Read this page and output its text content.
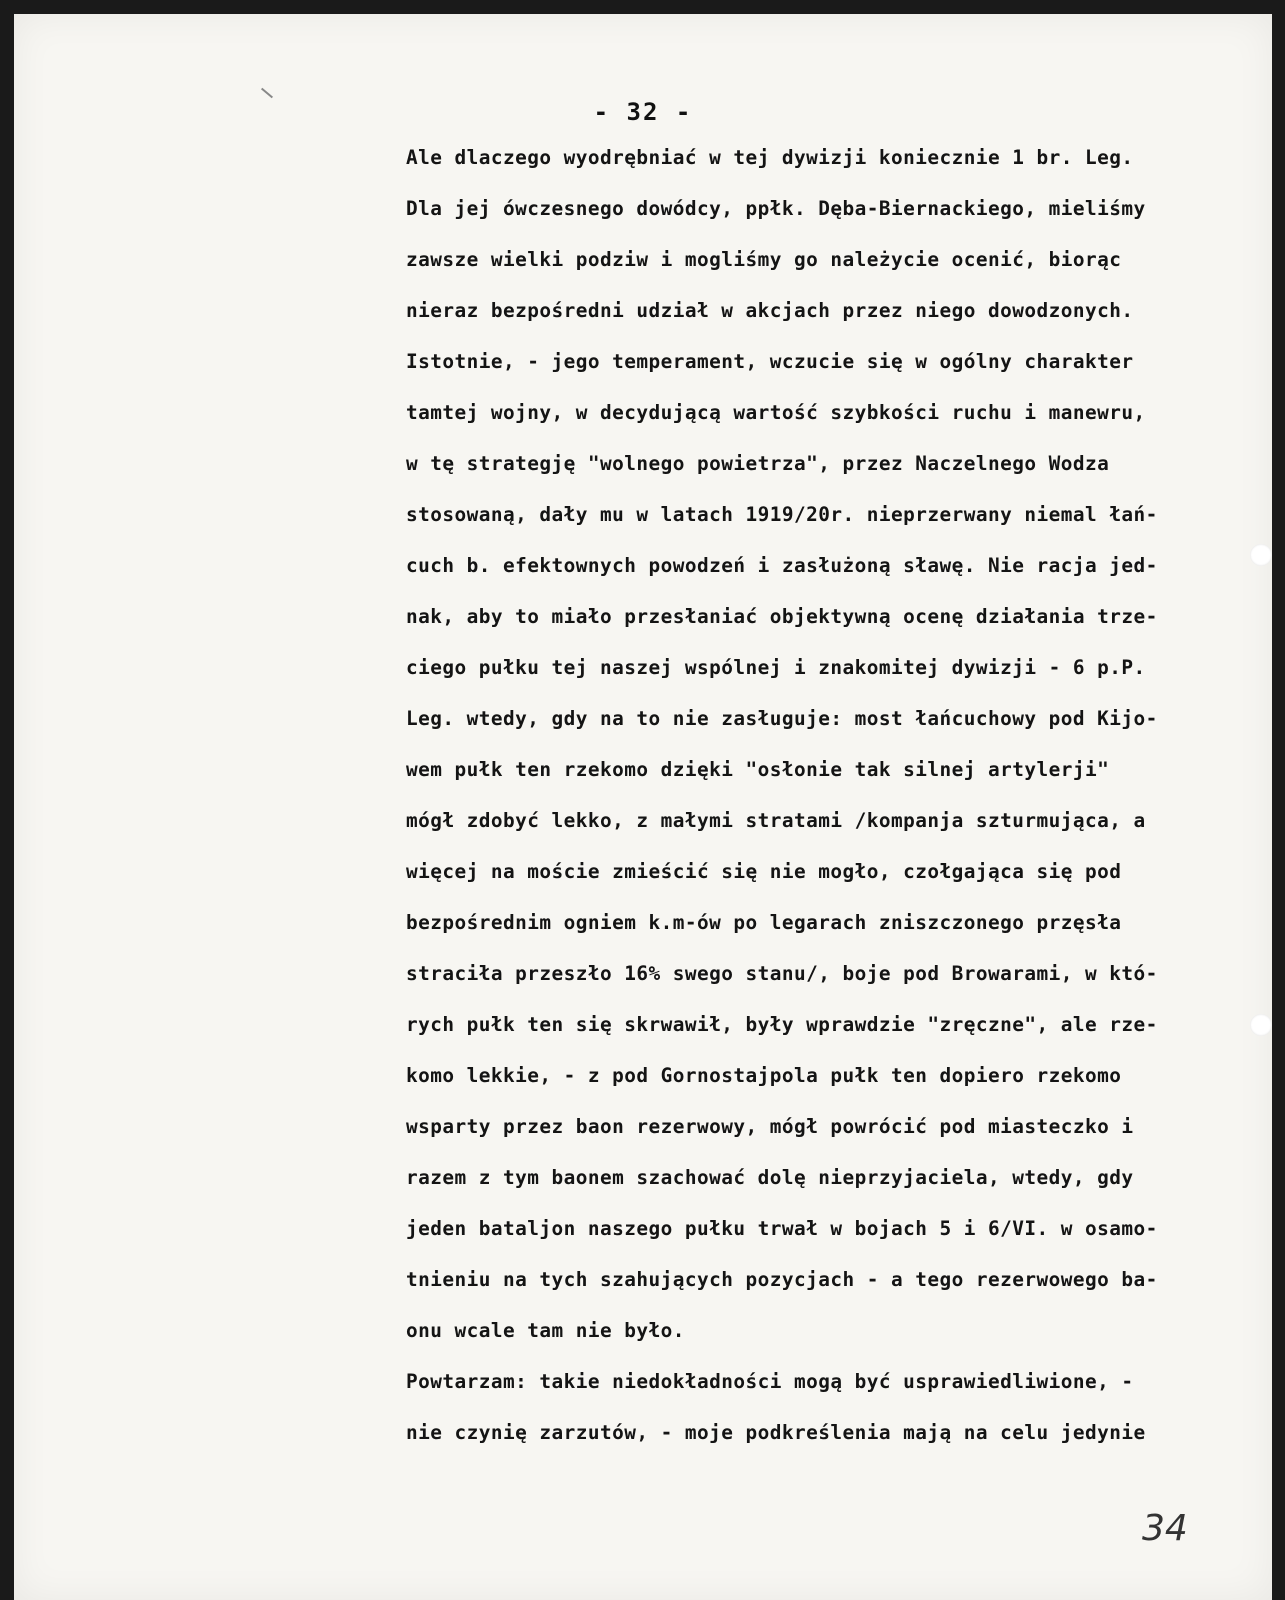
- 32 -
Ale dlaczego wyodrębniać w tej dywizji koniecznie 1 br. Leg.
Dla jej ówczesnego dowódcy, ppłk. Dęba-Biernackiego, mieliśmy
zawsze wielki podziw i mogliśmy go należycie ocenić, biorąc
nieraz bezpośredni udział w akcjach przez niego dowodzonych.
Istotnie, - jego temperament, wczucie się w ogólny charakter
tamtej wojny, w decydującą wartość szybkości ruchu i manewru,
w tę strategję "wolnego powietrza", przez Naczelnego Wodza
stosowaną, dały mu w latach 1919/20r. nieprzerwany niemal łań-
cuch b. efektownych powodzeń i zasłużoną sławę. Nie racja jed-
nak, aby to miało przesłaniać objektywną ocenę działania trze-
ciego pułku tej naszej wspólnej i znakomitej dywizji - 6 p.P.
Leg. wtedy, gdy na to nie zasługuje: most łańcuchowy pod Kijo-
wem pułk ten rzekomo dzięki "osłonie tak silnej artylerji"
mógł zdobyć lekko, z małymi stratami /kompanja szturmująca, a
więcej na moście zmieścić się nie mogło, czołgająca się pod
bezpośrednim ogniem k.m-ów po legarach zniszczonego przęsła
straciła przeszło 16% swego stanu/, boje pod Browarami, w któ-
rych pułk ten się skrwawił, były wprawdzie "zręczne", ale rze-
komo lekkie, - z pod Gornostajpola pułk ten dopiero rzekomo
wsparty przez baon rezerwowy, mógł powrócić pod miasteczko i
razem z tym baonem szachować dolę nieprzyjaciela, wtedy, gdy
jeden bataljon naszego pułku trwał w bojach 5 i 6/VI. w osamo-
tnieniu na tych szahujących pozycjach - a tego rezerwowego ba-
onu wcale tam nie było.
Powtarzam: takie niedokładności mogą być usprawiedliwione, -
nie czynię zarzutów, - moje podkreślenia mają na celu jedynie
34
